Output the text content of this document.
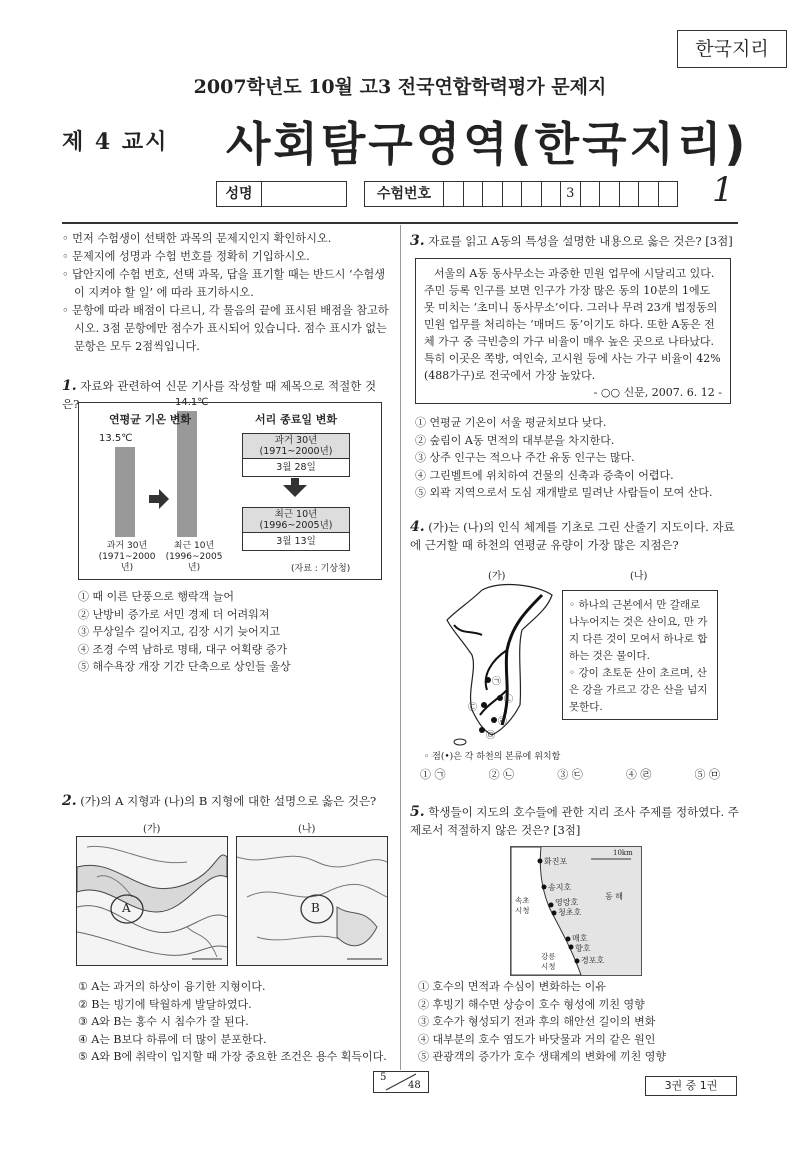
한국지리
2007학년도 10월 고3 전국연합학력평가 문제지
제 4 교시 사회탐구영역(한국지리)
성명	수험번호	3	1

◦ 먼저 수험생이 선택한 과목의 문제지인지 확인하시오.

◦ 문제지에 성명과 수험 번호를 정확히 기입하시오.

◦ 답안지에 수험 번호, 선택 과목, 답을 표기할 때는 반드시 ‘수험생이 지켜야 할 일’ 에 따라 표기하시오.

◦ 문항에 따라 배점이 다르니, 각 물음의 끝에 표시된 배점을 참고하시오. 3점 문항에만 점수가 표시되어 있습니다. 점수 표시가 없는 문항은 모두 2점씩입니다.

1. 자료와 관련하여 신문 기사를 작성할 때 제목으로 적절한 것은?
연평균 기온 변화
13.5℃
14.1℃
과거 30년
(1971~2000년)
최근 10년
(1996~2005년)
서리 종료일 변화
과거 30년
(1971~2000년)
3월 28일
최근 10년
(1996~2005년)
3월 13일
(자료 : 기상청)

① 때 이른 단풍으로 행락객 늘어

② 난방비 증가로 서민 경제 더 어려워져

③ 무상일수 길어지고, 김장 시기 늦어지고

④ 조경 수역 남하로 명태, 대구 어획량 증가

⑤ 해수욕장 개장 기간 단축으로 상인들 울상

2. (가)의 A 지형과 (나)의 B 지형에 대한 설명으로 옳은 것은?
(가)	(나)
A	B

① A는 과거의 하상이 융기한 지형이다.

② B는 빙기에 탁월하게 발달하였다.

③ A와 B는 홍수 시 침수가 잘 된다.

④ A는 B보다 하류에 더 많이 분포한다.

⑤ A와 B에 취락이 입지할 때 가장 중요한 조건은 용수 획득이다.

3. 자료를 읽고 A동의 특성을 설명한 내용으로 옳은 것은? [3점]
서울의 A동 동사무소는 과중한 민원 업무에 시달리고 있다. 주민 등록 인구를 보면 인구가 가장 많은 동의 10분의 1에도 못 미치는 ‘초미니 동사무소’이다. 그러나 무려 23개 법정동의 민원 업무를 처리하는 ‘매머드 동’이기도 하다. 또한 A동은 전체 가구 중 극빈층의 가구 비율이 매우 높은 곳으로 나타났다. 특히 이곳은 쪽방, 여인숙, 고시원 등에 사는 가구 비율이 42%(488가구)로 전국에서 가장 높았다.
- ○○ 신문, 2007. 6. 12 -

① 연평균 기온이 서울 평균치보다 낮다.

② 숲림이 A동 면적의 대부분을 차지한다.

③ 상주 인구는 적으나 주간 유동 인구는 많다.

④ 그린벨트에 위치하여 건물의 신축과 증축이 어렵다.

⑤ 외곽 지역으로서 도심 재개발로 밀려난 사람들이 모여 산다.

4. (가)는 (나)의 인식 체계를 기초로 그린 산줄기 지도이다. 자료에 근거할 때 하천의 연평균 유량이 가장 많은 지점은?
(가)	(나)
㉠
㉡
㉢
㉣
㉤
◦ 하나의 근본에서 만 갈래로 나누어지는 것은 산이요, 만 가지 다른 것이 모여서 하나로 합하는 것은 물이다.
◦ 강이 초토둔 산이 초르며, 산은 강을 가르고 강은 산을 넘지 못한다.
◦ 점(•)은 각 하천의 본류에 위치함
① ㉠	② ㉡	③ ㉢	④ ㉣	⑤ ㉤
5. 학생들이 지도의 호수들에 관한 지리 조사 주제를 정하였다. 주제로서 적절하지 않은 것은? [3점]
화진포
10km
송지호
속초
시청
영랑호
청초호
동 해
매호
향호
강릉
시청
경포호

① 호수의 면적과 수심이 변화하는 이유

② 후빙기 해수면 상승이 호수 형성에 끼친 영향

③ 호수가 형성되기 전과 후의 해안선 길이의 변화

④ 대부분의 호수 염도가 바닷물과 거의 같은 원인

⑤ 관광객의 증가가 호수 생태계의 변화에 끼친 영향

5
48	3권 중 1권
